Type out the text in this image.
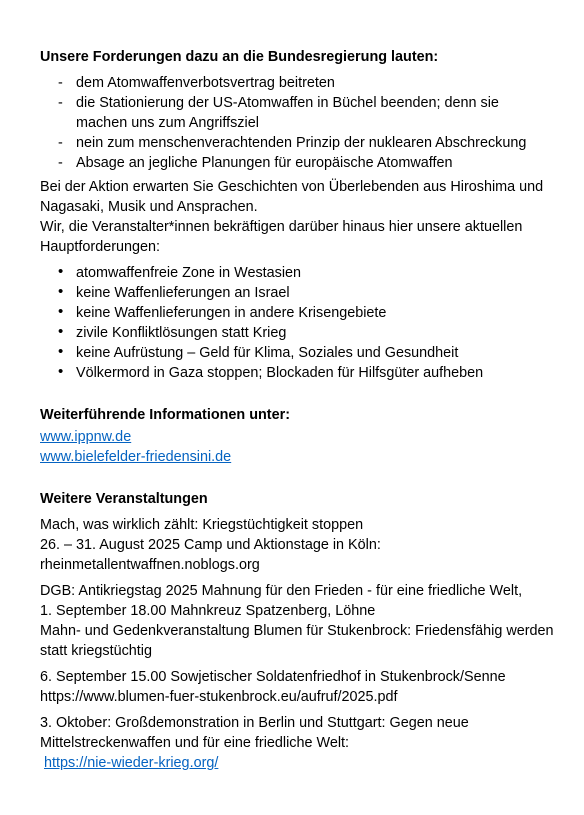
Unsere Forderungen dazu an die Bundesregierung lauten:
- dem Atomwaffenverbotsvertrag beitreten
- die Stationierung der US-Atomwaffen in Büchel beenden; denn sie machen uns zum Angriffsziel
- nein zum menschenverachtenden Prinzip der nuklearen Abschreckung
- Absage an jegliche Planungen für europäische Atomwaffen

Bei der Aktion erwarten Sie Geschichten von Überlebenden aus Hiroshima und Nagasaki, Musik und Ansprachen.

Wir, die Veranstalter*innen bekräftigen darüber hinaus hier unsere aktuellen Hauptforderungen:

• atomwaffenfreie Zone in Westasien
• keine Waffenlieferungen an Israel
• keine Waffenlieferungen in andere Krisengebiete
• zivile Konfliktlösungen statt Krieg
• keine Aufrüstung – Geld für Klima, Soziales und Gesundheit
• Völkermord in Gaza stoppen; Blockaden für Hilfsgüter aufheben
Weiterführende Informationen unter:
www.ippnw.de
www.bielefelder-friedensini.de
Weitere Veranstaltungen

Mach, was wirklich zählt: Kriegstüchtigkeit stoppen

26. – 31. August 2025 Camp und Aktionstage in Köln:

rheinmetallentwaffnen.noblogs.org

DGB: Antikriegstag 2025 Mahnung für den Frieden - für eine friedliche Welt,

1. September 18.00 Mahnkreuz Spatzenberg, Löhne

Mahn- und Gedenkveranstaltung Blumen für Stukenbrock: Friedensfähig werden statt kriegstüchtig

6. September 15.00 Sowjetischer Soldatenfriedhof in Stukenbrock/Senne

https://www.blumen-fuer-stukenbrock.eu/aufruf/2025.pdf

3. Oktober: Großdemonstration in Berlin und Stuttgart: Gegen neue Mittelstreckenwaffen und für eine friedliche Welt:

https://nie-wieder-krieg.org/
